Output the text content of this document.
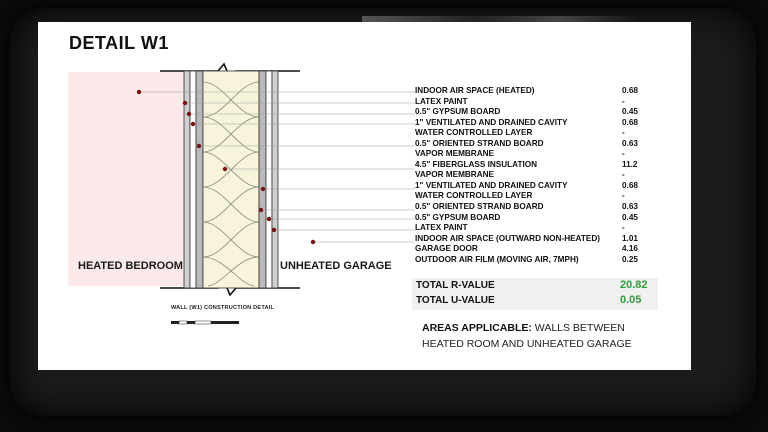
DETAIL W1
HEATED BEDROOM	UNHEATED GARAGE
INDOOR AIR SPACE (HEATED)	0.68
LATEX PAINT	-
0.5" GYPSUM BOARD	0.45
1" VENTILATED AND DRAINED CAVITY	0.68
WATER CONTROLLED LAYER	-
0.5" ORIENTED STRAND BOARD	0.63
VAPOR MEMBRANE	-
4.5" FIBERGLASS INSULATION	11.2
VAPOR MEMBRANE	-
1" VENTILATED AND DRAINED CAVITY	0.68
WATER CONTROLLED LAYER	-
0.5" ORIENTED STRAND BOARD	0.63
0.5" GYPSUM BOARD	0.45
LATEX PAINT	-
INDOOR AIR SPACE (OUTWARD NON-HEATED)	1.01
GARAGE DOOR	4.16
OUTDOOR AIR FILM (MOVING AIR, 7MPH)	0.25
TOTAL R-VALUE	20.82
TOTAL U-VALUE	0.05
AREAS APPLICABLE: WALLS BETWEEN HEATED ROOM AND UNHEATED GARAGE
WALL (W1) CONSTRUCTION DETAIL
